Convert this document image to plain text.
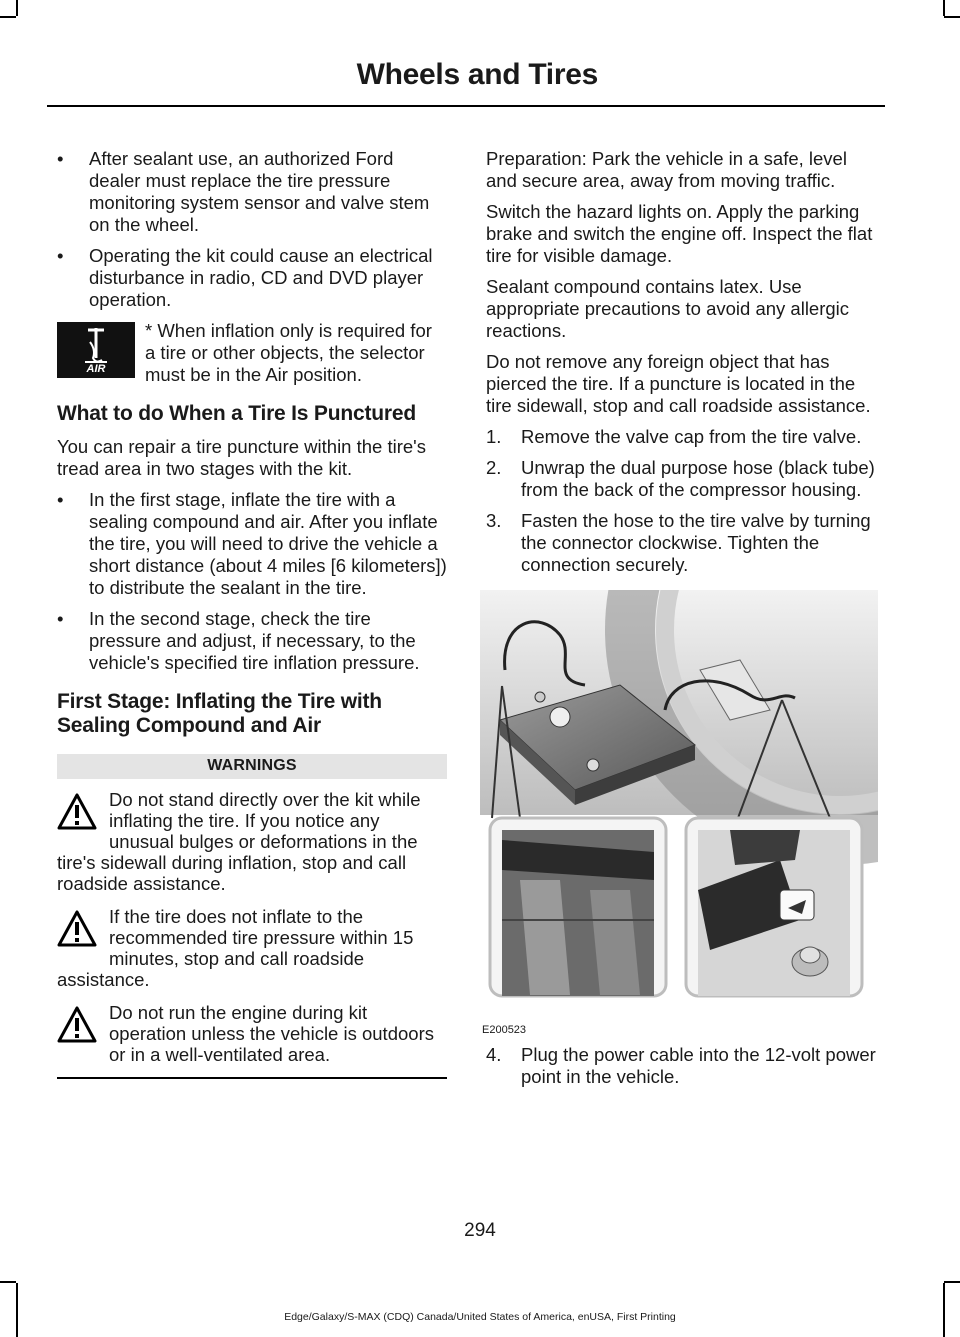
Wheels and Tires
• After sealant use, an authorized Ford dealer must replace the tire pressure monitoring system sensor and valve stem on the wheel.
• Operating the kit could cause an electrical disturbance in radio, CD and DVD player operation.
AIR

* When inflation only is required for a tire or other objects, the selector must be in the Air position.

What to do When a Tire Is Punctured

You can repair a tire puncture within the tire's tread area in two stages with the kit.

• In the first stage, inflate the tire with a sealing compound and air. After you inflate the tire, you will need to drive the vehicle a short distance (about 4 miles [6 kilometers]) to distribute the sealant in the tire.
• In the second stage, check the tire pressure and adjust, if necessary, to the vehicle's specified tire inflation pressure.
First Stage: Inflating the Tire with Sealing Compound and Air
WARNINGS
Do not stand directly over the kit while inflating the tire. If you notice any unusual bulges or deformations in the tire's sidewall during inflation, stop and call roadside assistance.
If the tire does not inflate to the recommended tire pressure within 15 minutes, stop and call roadside assistance.
Do not run the engine during kit operation unless the vehicle is outdoors or in a well-ventilated area.

Preparation: Park the vehicle in a safe, level and secure area, away from moving traffic.

Switch the hazard lights on. Apply the parking brake and switch the engine off. Inspect the flat tire for visible damage.

Sealant compound contains latex. Use appropriate precautions to avoid any allergic reactions.

Do not remove any foreign object that has pierced the tire. If a puncture is located in the tire sidewall, stop and call roadside assistance.

1. Remove the valve cap from the tire valve.
2. Unwrap the dual purpose hose (black tube) from the back of the compressor housing.
3. Fasten the hose to the tire valve by turning the connector clockwise. Tighten the connection securely.
E200523
4. Plug the power cable into the 12-volt power point in the vehicle.
294
Edge/Galaxy/S-MAX (CDQ) Canada/United States of America, enUSA, First Printing
